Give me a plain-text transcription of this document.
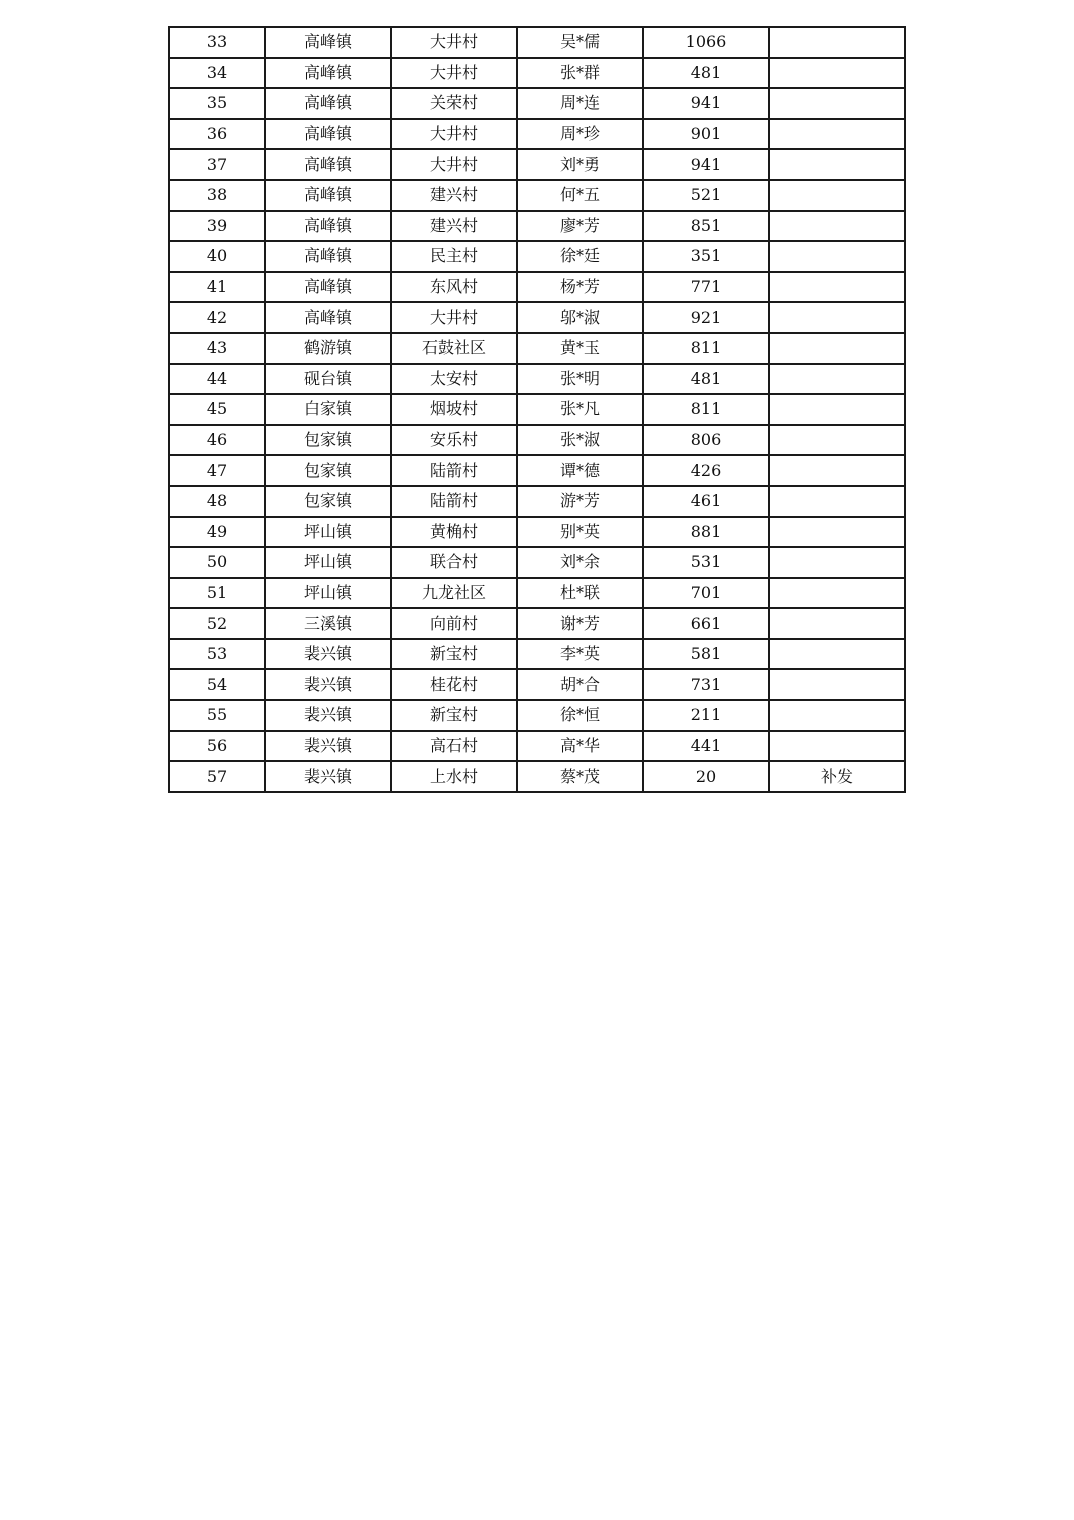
33	高峰镇	大井村	吴*儒	1066	
34	高峰镇	大井村	张*群	481	
35	高峰镇	关荣村	周*连	941	
36	高峰镇	大井村	周*珍	901	
37	高峰镇	大井村	刘*勇	941	
38	高峰镇	建兴村	何*五	521	
39	高峰镇	建兴村	廖*芳	851	
40	高峰镇	民主村	徐*廷	351	
41	高峰镇	东风村	杨*芳	771	
42	高峰镇	大井村	邬*淑	921	
43	鹤游镇	石鼓社区	黄*玉	811	
44	砚台镇	太安村	张*明	481	
45	白家镇	烟坡村	张*凡	811	
46	包家镇	安乐村	张*淑	806	
47	包家镇	陆箭村	谭*德	426	
48	包家镇	陆箭村	游*芳	461	
49	坪山镇	黄桷村	别*英	881	
50	坪山镇	联合村	刘*余	531	
51	坪山镇	九龙社区	杜*联	701	
52	三溪镇	向前村	谢*芳	661	
53	裴兴镇	新宝村	李*英	581	
54	裴兴镇	桂花村	胡*合	731	
55	裴兴镇	新宝村	徐*恒	211	
56	裴兴镇	高石村	高*华	441	
57	裴兴镇	上水村	蔡*茂	20	补发
